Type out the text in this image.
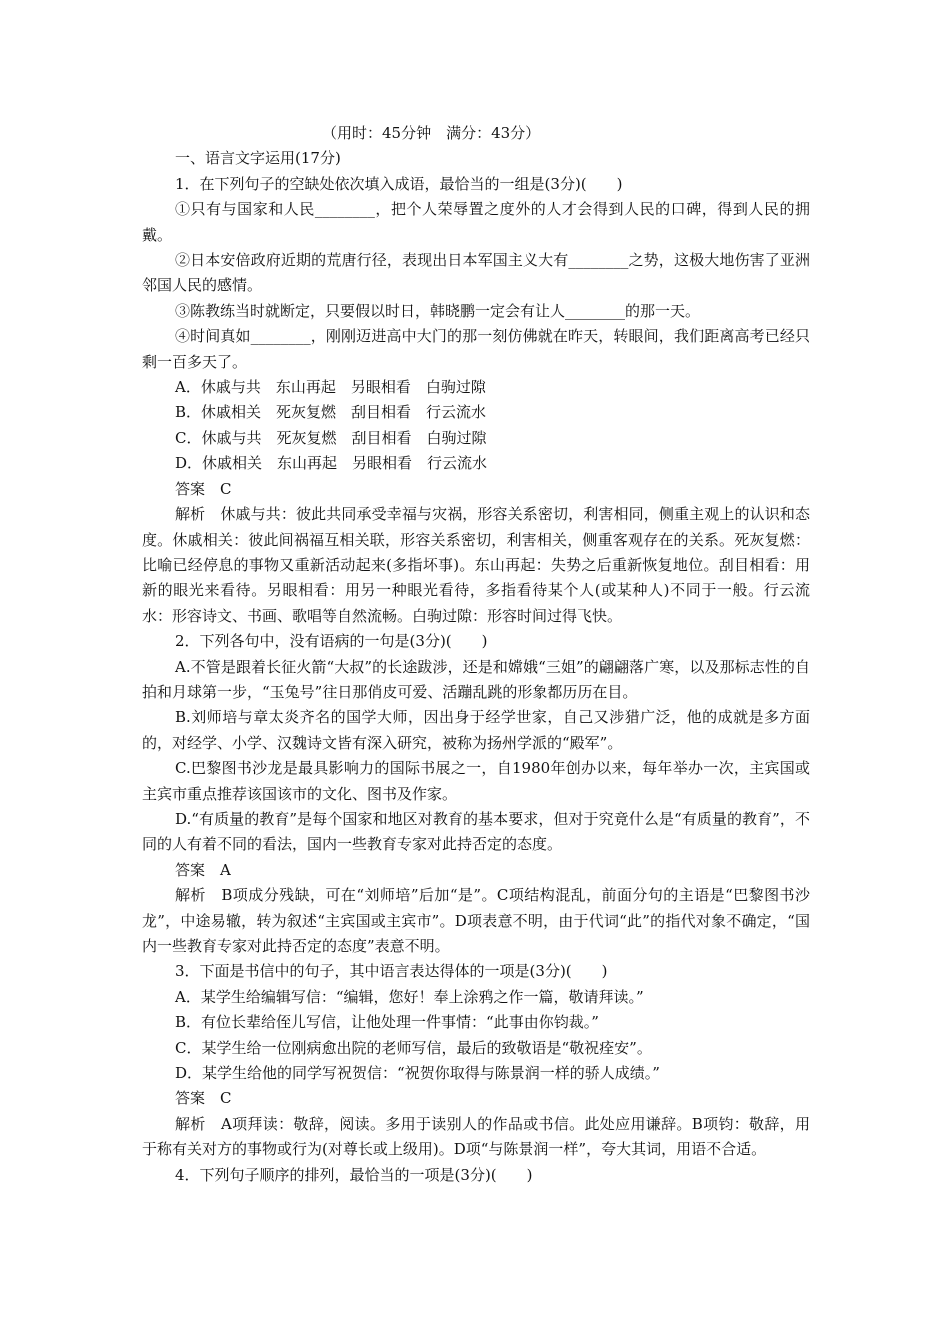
（用时：45分钟　满分：43分）

一、语言文字运用(17分)

1．在下列句子的空缺处依次填入成语，最恰当的一组是(3分)(　　)

①只有与国家和人民________，把个人荣辱置之度外的人才会得到人民的口碑，得到人民的拥戴。

②日本安倍政府近期的荒唐行径，表现出日本军国主义大有________之势，这极大地伤害了亚洲邻国人民的感情。

③陈教练当时就断定，只要假以时日，韩晓鹏一定会有让人________的那一天。

④时间真如________，刚刚迈进高中大门的那一刻仿佛就在昨天，转眼间，我们距离高考已经只剩一百多天了。

A．休戚与共　东山再起　另眼相看　白驹过隙

B．休戚相关　死灰复燃　刮目相看　行云流水

C．休戚与共　死灰复燃　刮目相看　白驹过隙

D．休戚相关　东山再起　另眼相看　行云流水

答案　C

解析　休戚与共：彼此共同承受幸福与灾祸，形容关系密切，利害相同，侧重主观上的认识和态度。休戚相关：彼此间祸福互相关联，形容关系密切，利害相关，侧重客观存在的关系。死灰复燃：比喻已经停息的事物又重新活动起来(多指坏事)。东山再起：失势之后重新恢复地位。刮目相看：用新的眼光来看待。另眼相看：用另一种眼光看待，多指看待某个人(或某种人)不同于一般。行云流水：形容诗文、书画、歌唱等自然流畅。白驹过隙：形容时间过得飞快。

2．下列各句中，没有语病的一句是(3分)(　　)

A.不管是跟着长征火箭“大叔”的长途跋涉，还是和嫦娥“三姐”的翩翩落广寒，以及那标志性的自拍和月球第一步，“玉兔号”往日那俏皮可爱、活蹦乱跳的形象都历历在目。

B.刘师培与章太炎齐名的国学大师，因出身于经学世家，自己又涉猎广泛，他的成就是多方面的，对经学、小学、汉魏诗文皆有深入研究，被称为扬州学派的“殿军”。

C.巴黎图书沙龙是最具影响力的国际书展之一，自1980年创办以来，每年举办一次，主宾国或主宾市重点推荐该国该市的文化、图书及作家。

D.“有质量的教育”是每个国家和地区对教育的基本要求，但对于究竟什么是“有质量的教育”，不同的人有着不同的看法，国内一些教育专家对此持否定的态度。

答案　A

解析　B项成分残缺，可在“刘师培”后加“是”。C项结构混乱，前面分句的主语是“巴黎图书沙龙”，中途易辙，转为叙述“主宾国或主宾市”。D项表意不明，由于代词“此”的指代对象不确定，“国内一些教育专家对此持否定的态度”表意不明。

3．下面是书信中的句子，其中语言表达得体的一项是(3分)(　　)

A．某学生给编辑写信：“编辑，您好！奉上涂鸦之作一篇，敬请拜读。”

B．有位长辈给侄儿写信，让他处理一件事情：“此事由你钧裁。”

C．某学生给一位刚病愈出院的老师写信，最后的致敬语是“敬祝痊安”。

D．某学生给他的同学写祝贺信：“祝贺你取得与陈景润一样的骄人成绩。”

答案　C

解析　A项拜读：敬辞，阅读。多用于读别人的作品或书信。此处应用谦辞。B项钧：敬辞，用于称有关对方的事物或行为(对尊长或上级用)。D项“与陈景润一样”，夸大其词，用语不合适。

4．下列句子顺序的排列，最恰当的一项是(3分)(　　)
